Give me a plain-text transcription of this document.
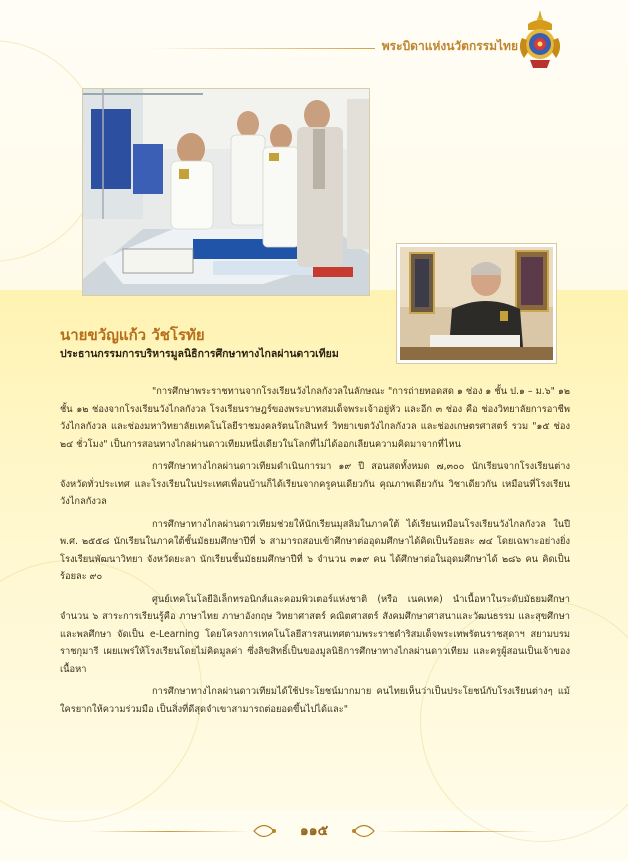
พระบิดาแห่งนวัตกรรมไทย
นายขวัญแก้ว วัชโรทัย
ประธานกรรมการบริหารมูลนิธิการศึกษาทางไกลผ่านดาวเทียม

"การศึกษาพระราชทานจากโรงเรียนวังไกลกังวลในลักษณะ "การถ่ายทอดสด ๑ ช่อง ๑ ชั้น ป.๑ – ม.๖" ๑๒ ชั้น ๑๒ ช่องจากโรงเรียนวังไกลกังวล โรงเรียนราษฎร์ของพระบาทสมเด็จพระเจ้าอยู่หัว และอีก ๓ ช่อง คือ ช่องวิทยาลัยการอาชีพวังไกลกังวล และช่องมหาวิทยาลัยเทคโนโลยีราชมงคลรัตนโกสินทร์ วิทยาเขตวังไกลกังวล และช่องเกษตรศาสตร์ รวม "๑๕ ช่อง ๒๔ ชั่วโมง" เป็นการสอนทางไกลผ่านดาวเทียมหนึ่งเดียวในโลกที่ไม่ได้ออกเลียนความคิดมาจากที่ไหน

การศึกษาทางไกลผ่านดาวเทียมดำเนินการมา ๑๙ ปี สอนสดทั้งหมด ๗,๓๐๐ นักเรียนจากโรงเรียนต่างจังหวัดทั่วประเทศ และโรงเรียนในประเทศเพื่อนบ้านก็ได้เรียนจากครูคนเดียวกัน คุณภาพเดียวกัน วิชาเดียวกัน เหมือนที่โรงเรียนวังไกลกังวล

การศึกษาทางไกลผ่านดาวเทียมช่วยให้นักเรียนมุสลิมในภาคใต้ ได้เรียนเหมือนโรงเรียนวังไกลกังวล ในปี พ.ศ. ๒๕๕๘ นักเรียนในภาคใต้ชั้นมัธยมศึกษาปีที่ ๖ สามารถสอบเข้าศึกษาต่ออุดมศึกษาได้คิดเป็นร้อยละ ๗๔ โดยเฉพาะอย่างยิ่ง โรงเรียนพัฒนาวิทยา จังหวัดยะลา นักเรียนชั้นมัธยมศึกษาปีที่ ๖ จำนวน ๓๑๙ คน ได้ศึกษาต่อในอุดมศึกษาได้ ๒๘๖ คน คิดเป็นร้อยละ ๙๐

ศูนย์เทคโนโลยีอิเล็กทรอนิกส์และคอมพิวเตอร์แห่งชาติ (หรือ เนคเทค) นำเนื้อหาในระดับมัธยมศึกษา จำนวน ๖ สาระการเรียนรู้คือ ภาษาไทย ภาษาอังกฤษ วิทยาศาสตร์ คณิตศาสตร์ สังคมศึกษาศาสนาและวัฒนธรรม และสุขศึกษาและพลศึกษา จัดเป็น e-Learning โดยโครงการเทคโนโลยีสารสนเทศตามพระราชดำริสมเด็จพระเทพรัตนราชสุดาฯ สยามบรมราชกุมารี เผยแพร่ให้โรงเรียนโดยไม่คิดมูลค่า ซึ่งลิขสิทธิ์เป็นของมูลนิธิการศึกษาทางไกลผ่านดาวเทียม และครูผู้สอนเป็นเจ้าของเนื้อหา

การศึกษาทางไกลผ่านดาวเทียมได้ใช้ประโยชน์มากมาย คนไทยเห็นว่าเป็นประโยชน์กับโรงเรียนต่างๆ แม้ใครยากให้ความร่วมมือ เป็นสิ่งที่ดีสุดจำเขาสามารถต่อยอดขึ้นไปได้และ"

๑๑๕
